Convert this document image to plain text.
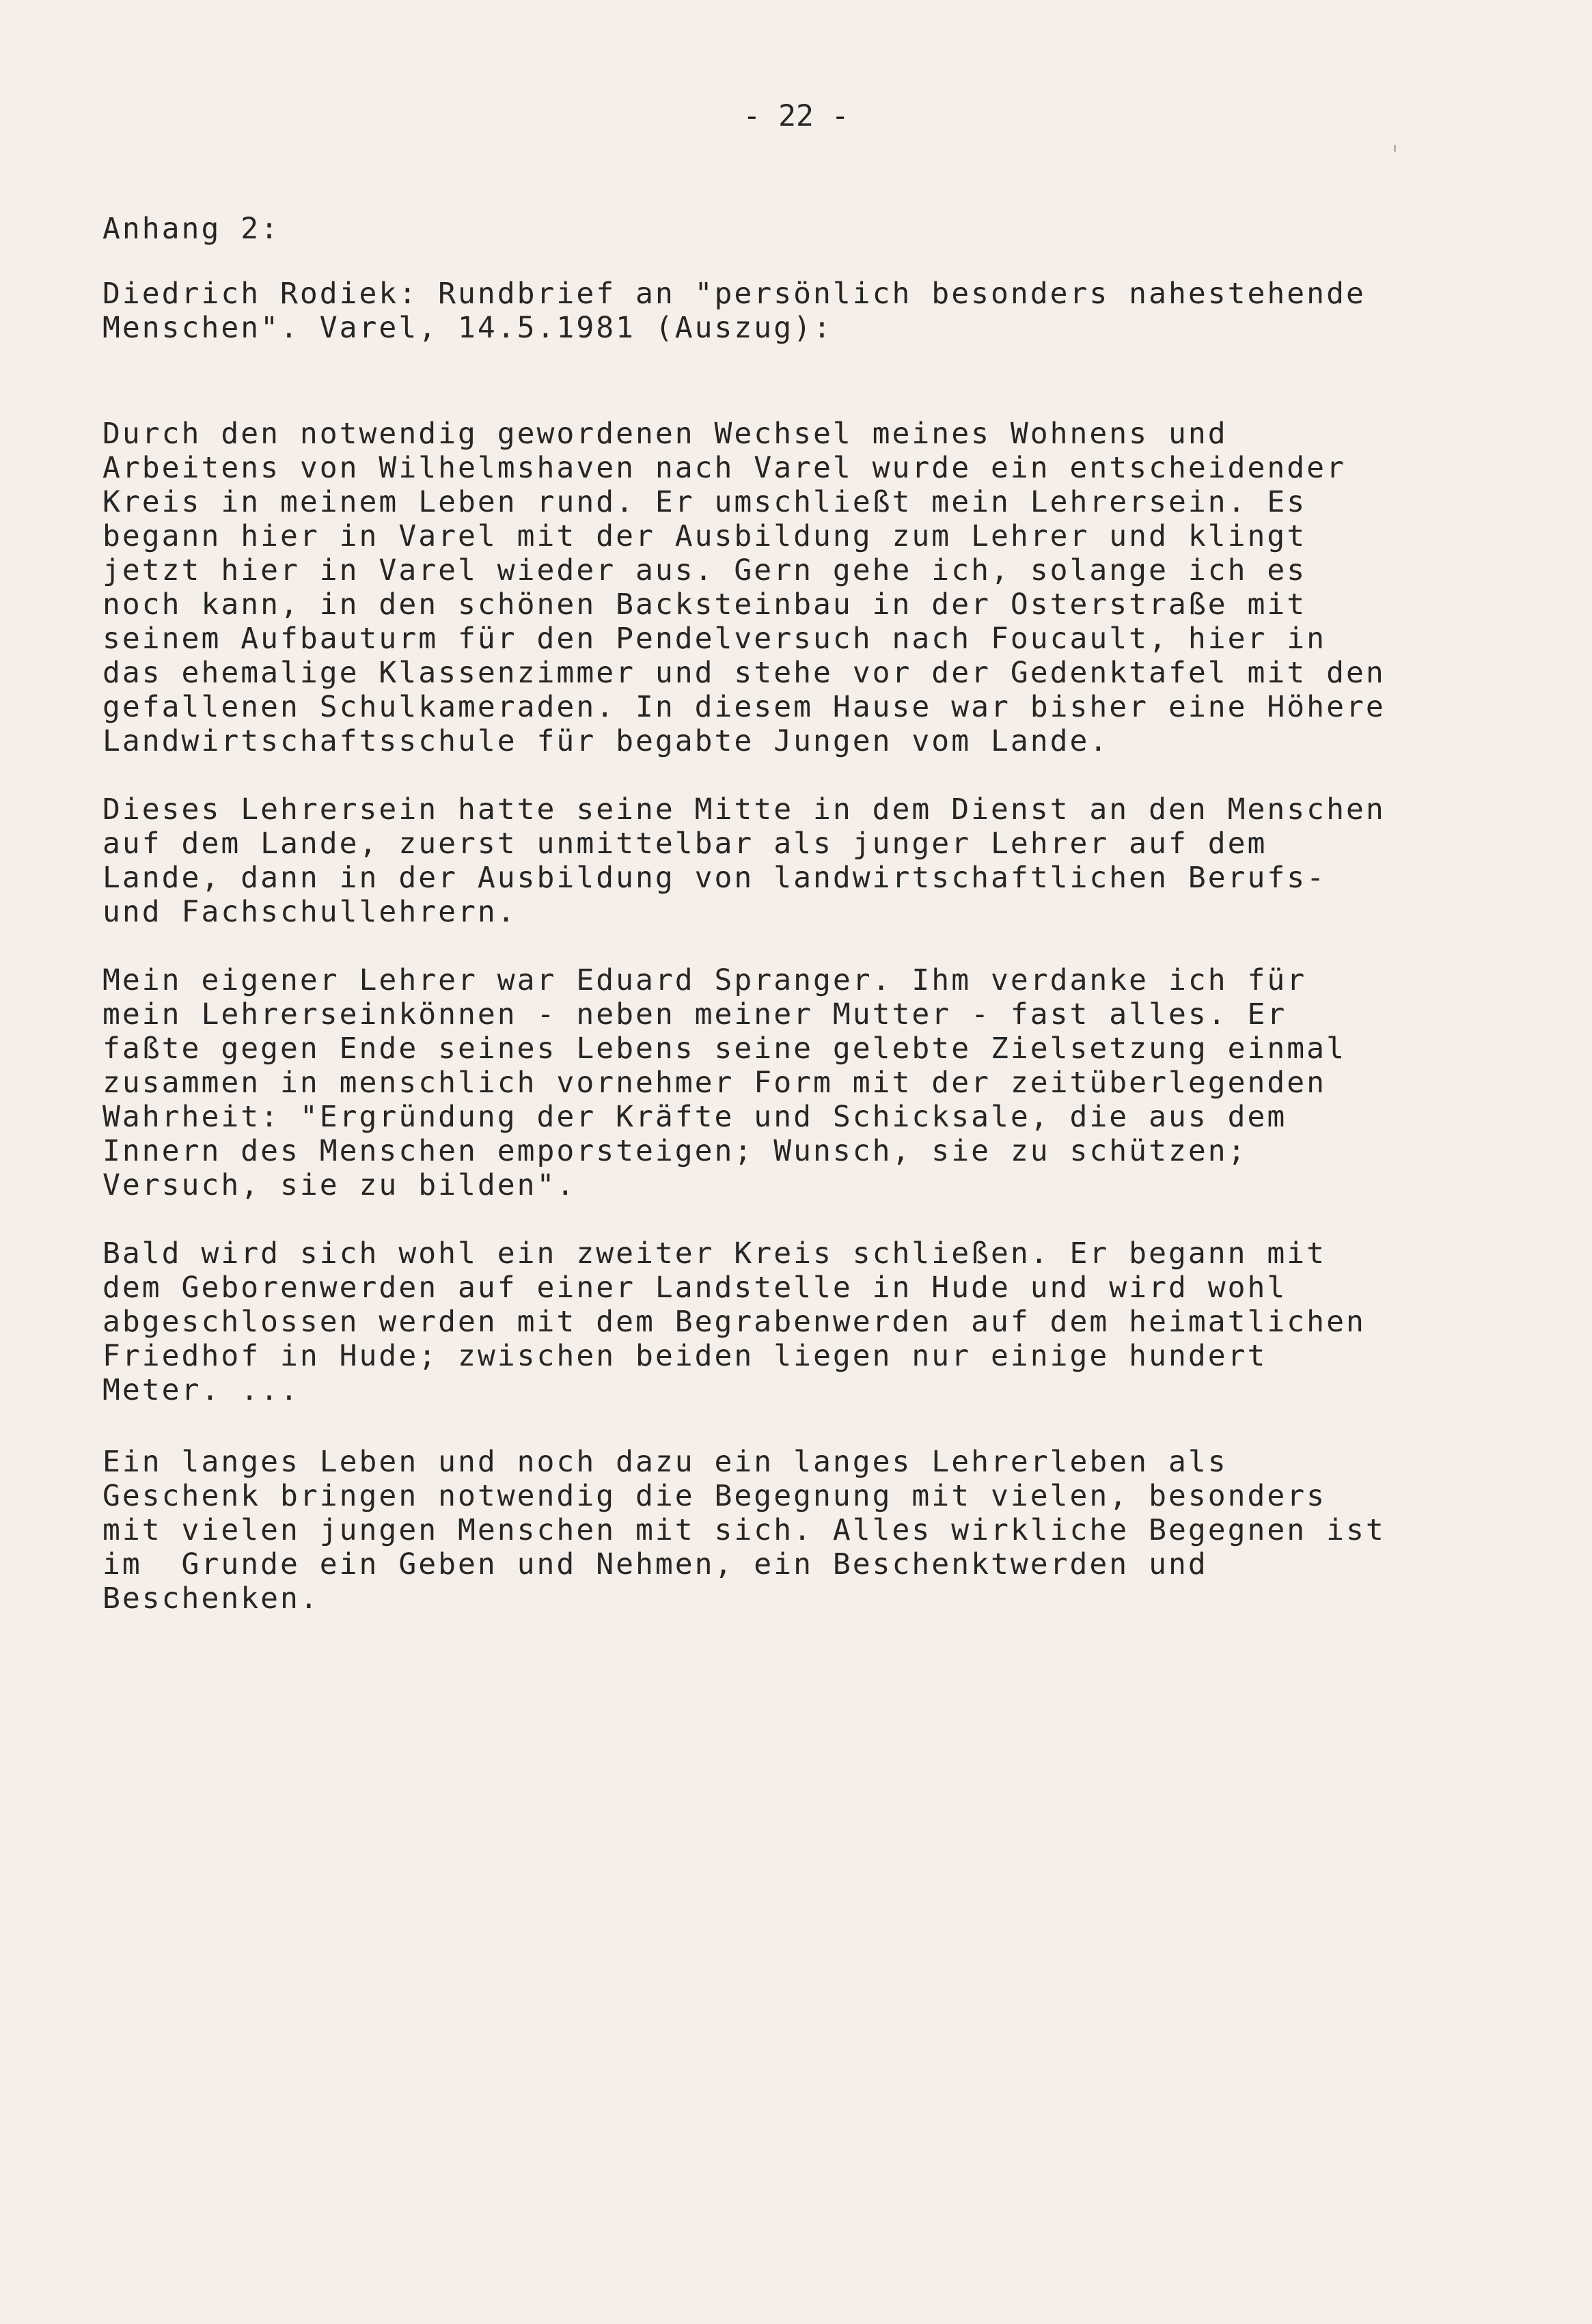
- 22 -
Anhang 2:
Diedrich Rodiek: Rundbrief an "persönlich besonders nahestehende
Menschen". Varel, 14.5.1981 (Auszug):
Durch den notwendig gewordenen Wechsel meines Wohnens und
Arbeitens von Wilhelmshaven nach Varel wurde ein entscheidender
Kreis in meinem Leben rund. Er umschließt mein Lehrersein. Es
begann hier in Varel mit der Ausbildung zum Lehrer und klingt
jetzt hier in Varel wieder aus. Gern gehe ich, solange ich es
noch kann, in den schönen Backsteinbau in der Osterstraße mit
seinem Aufbauturm für den Pendelversuch nach Foucault, hier in
das ehemalige Klassenzimmer und stehe vor der Gedenktafel mit den
gefallenen Schulkameraden. In diesem Hause war bisher eine Höhere
Landwirtschaftsschule für begabte Jungen vom Lande.
Dieses Lehrersein hatte seine Mitte in dem Dienst an den Menschen
auf dem Lande, zuerst unmittelbar als junger Lehrer auf dem
Lande, dann in der Ausbildung von landwirtschaftlichen Berufs-
und Fachschullehrern.
Mein eigener Lehrer war Eduard Spranger. Ihm verdanke ich für
mein Lehrerseinkönnen - neben meiner Mutter - fast alles. Er
faßte gegen Ende seines Lebens seine gelebte Zielsetzung einmal
zusammen in menschlich vornehmer Form mit der zeitüberlegenden
Wahrheit: "Ergründung der Kräfte und Schicksale, die aus dem
Innern des Menschen emporsteigen; Wunsch, sie zu schützen;
Versuch, sie zu bilden".
Bald wird sich wohl ein zweiter Kreis schließen. Er begann mit
dem Geborenwerden auf einer Landstelle in Hude und wird wohl
abgeschlossen werden mit dem Begrabenwerden auf dem heimatlichen
Friedhof in Hude; zwischen beiden liegen nur einige hundert
Meter. ...
Ein langes Leben und noch dazu ein langes Lehrerleben als
Geschenk bringen notwendig die Begegnung mit vielen, besonders
mit vielen jungen Menschen mit sich. Alles wirkliche Begegnen ist
im  Grunde ein Geben und Nehmen, ein Beschenktwerden und
Beschenken.
